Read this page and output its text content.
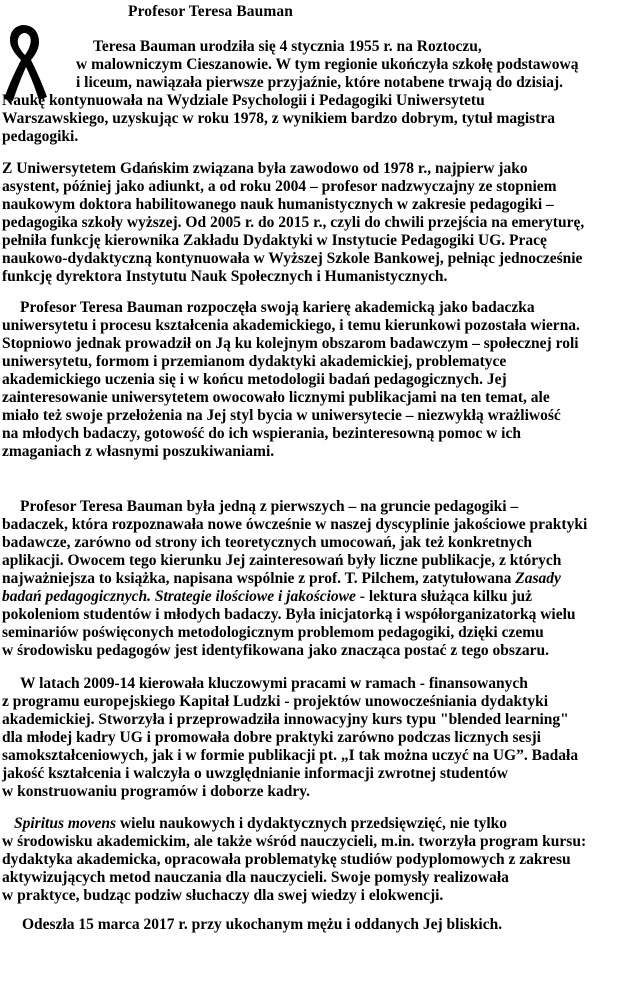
Profesor Teresa Bauman
Teresa Bauman urodziła się 4 stycznia 1955 r. na Roztoczu,
w malowniczym Cieszanowie. W tym regionie ukończyła szkołę podstawową
i liceum, nawiązała pierwsze przyjaźnie, które notabene trwają do dzisiaj.
Naukę kontynuowała na Wydziale Psychologii i Pedagogiki Uniwersytetu
Warszawskiego, uzyskując w roku 1978, z wynikiem bardzo dobrym, tytuł magistra
pedagogiki.
Z Uniwersytetem Gdańskim związana była zawodowo od 1978 r., najpierw jako
asystent, później jako adiunkt, a od roku 2004 – profesor nadzwyczajny ze stopniem
naukowym doktora habilitowanego nauk humanistycznych w zakresie pedagogiki –
pedagogika szkoły wyższej. Od 2005 r. do 2015 r., czyli do chwili przejścia na emeryturę,
pełniła funkcję kierownika Zakładu Dydaktyki w Instytucie Pedagogiki UG. Pracę
naukowo-dydaktyczną kontynuowała w Wyższej Szkole Bankowej, pełniąc jednocześnie
funkcję dyrektora Instytutu Nauk Społecznych i Humanistycznych.
Profesor Teresa Bauman rozpoczęła swoją karierę akademicką jako badaczka
uniwersytetu i procesu kształcenia akademickiego, i temu kierunkowi pozostała wierna.
Stopniowo jednak prowadził on Ją ku kolejnym obszarom badawczym – społecznej roli
uniwersytetu, formom i przemianom dydaktyki akademickiej, problematyce
akademickiego uczenia się i w końcu metodologii badań pedagogicznych. Jej
zainteresowanie uniwersytetem owocowało licznymi publikacjami na ten temat, ale
miało też swoje przełożenia na Jej styl bycia w uniwersytecie – niezwykłą wrażliwość
na młodych badaczy, gotowość do ich wspierania, bezinteresowną pomoc w ich
zmaganiach z własnymi poszukiwaniami.
Profesor Teresa Bauman była jedną z pierwszych – na gruncie pedagogiki –
badaczek, która rozpoznawała nowe ówcześnie w naszej dyscyplinie jakościowe praktyki
badawcze, zarówno od strony ich teoretycznych umocowań, jak też konkretnych
aplikacji. Owocem tego kierunku Jej zainteresowań były liczne publikacje, z których
najważniejsza to książka, napisana wspólnie z prof. T. Pilchem, zatytułowana Zasady
badań pedagogicznych. Strategie ilościowe i jakościowe - lektura służąca kilku już
pokoleniom studentów i młodych badaczy. Była inicjatorką i współorganizatorką wielu
seminariów poświęconych metodologicznym problemom pedagogiki, dzięki czemu
w środowisku pedagogów jest identyfikowana jako znacząca postać z tego obszaru.
W latach 2009-14 kierowała kluczowymi pracami w ramach - finansowanych
z programu europejskiego Kapitał Ludzki - projektów unowocześniania dydaktyki
akademickiej. Stworzyła i przeprowadziła innowacyjny kurs typu "blended learning"
dla młodej kadry UG i promowała dobre praktyki zarówno podczas licznych sesji
samokształceniowych, jak i w formie publikacji pt. „I tak można uczyć na UG”. Badała
jakość kształcenia i walczyła o uwzględnianie informacji zwrotnej studentów
w konstruowaniu programów i doborze kadry.
Spiritus movens wielu naukowych i dydaktycznych przedsięwzięć, nie tylko
w środowisku akademickim, ale także wśród nauczycieli, m.in. tworzyła program kursu:
dydaktyka akademicka, opracowała problematykę studiów podyplomowych z zakresu
aktywizujących metod nauczania dla nauczycieli. Swoje pomysły realizowała
w praktyce, budząc podziw słuchaczy dla swej wiedzy i elokwencji.
Odeszła 15 marca 2017 r. przy ukochanym mężu i oddanych Jej bliskich.
